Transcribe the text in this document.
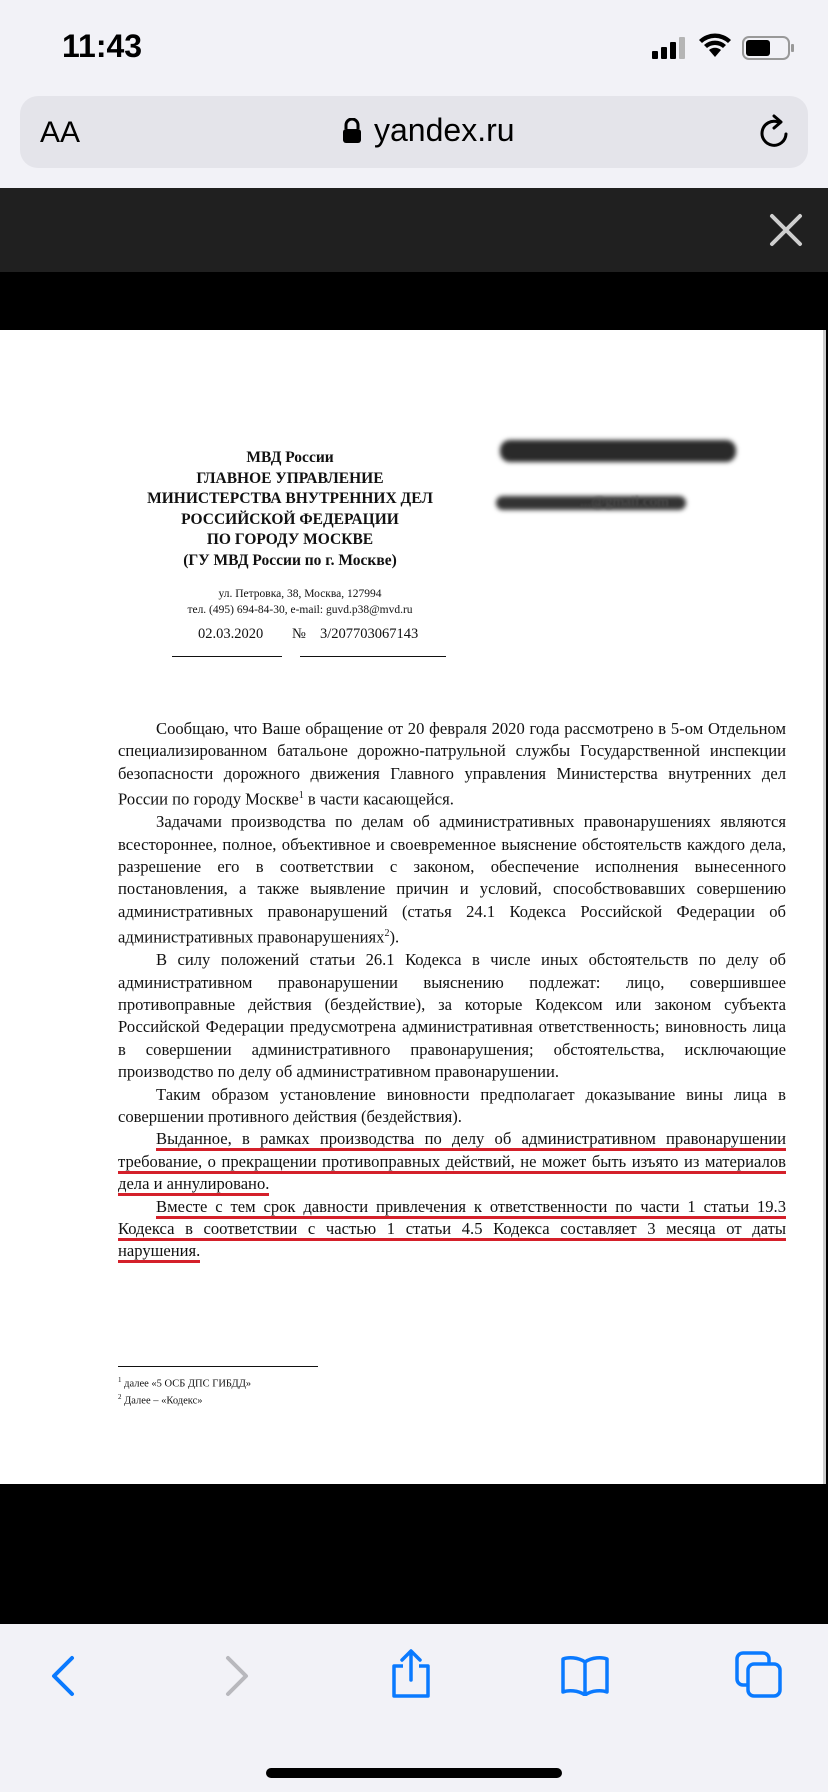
11:43
AA	yandex.ru
МВД России
ГЛАВНОЕ УПРАВЛЕНИЕ
МИНИСТЕРСТВА ВНУТРЕННИХ ДЕЛ
РОССИЙСКОЙ ФЕДЕРАЦИИ
ПО ГОРОДУ МОСКВЕ
(ГУ МВД России по г. Москве)
ул. Петровка, 38, Москва, 127994
тел. (495) 694-84-30, e-mail: guvd.p38@mvd.ru
02.03.2020 № 3/207703067143
...@gmail.com

Сообщаю, что Ваше обращение от 20 февраля 2020 года рассмотрено в 5-ом Отдельном специализированном батальоне дорожно-патрульной службы Государственной инспекции безопасности дорожного движения Главного управления Министерства внутренних дел России по городу Москве$^1$ в части касающейся.

Задачами производства по делам об административных правонарушениях являются всестороннее, полное, объективное и своевременное выяснение обстоятельств каждого дела, разрешение его в соответствии с законом, обеспечение исполнения вынесенного постановления, а также выявление причин и условий, способствовавших совершению административных правонарушений (статья 24.1 Кодекса Российской Федерации об административных правонарушениях$^2$).

В силу положений статьи 26.1 Кодекса в числе иных обстоятельств по делу об административном правонарушении выяснению подлежат: лицо, совершившее противоправные действия (бездействие), за которые Кодексом или законом субъекта Российской Федерации предусмотрена административная ответственность; виновность лица в совершении административного правонарушения; обстоятельства, исключающие производство по делу об административном правонарушении.

Таким образом установление виновности предполагает доказывание вины лица в совершении противного действия (бездействия).

Выданное, в рамках производства по делу об административном правонарушении требование, о прекращении противоправных действий, не может быть изъято из материалов дела и аннулировано.

Вместе с тем срок давности привлечения к ответственности по части 1 статьи 19.3 Кодекса в соответствии с частью 1 статьи 4.5 Кодекса составляет 3 месяца от даты нарушения.

$^1$ далее «5 ОСБ ДПС ГИБДД»
$^2$ Далее – «Кодекс»
